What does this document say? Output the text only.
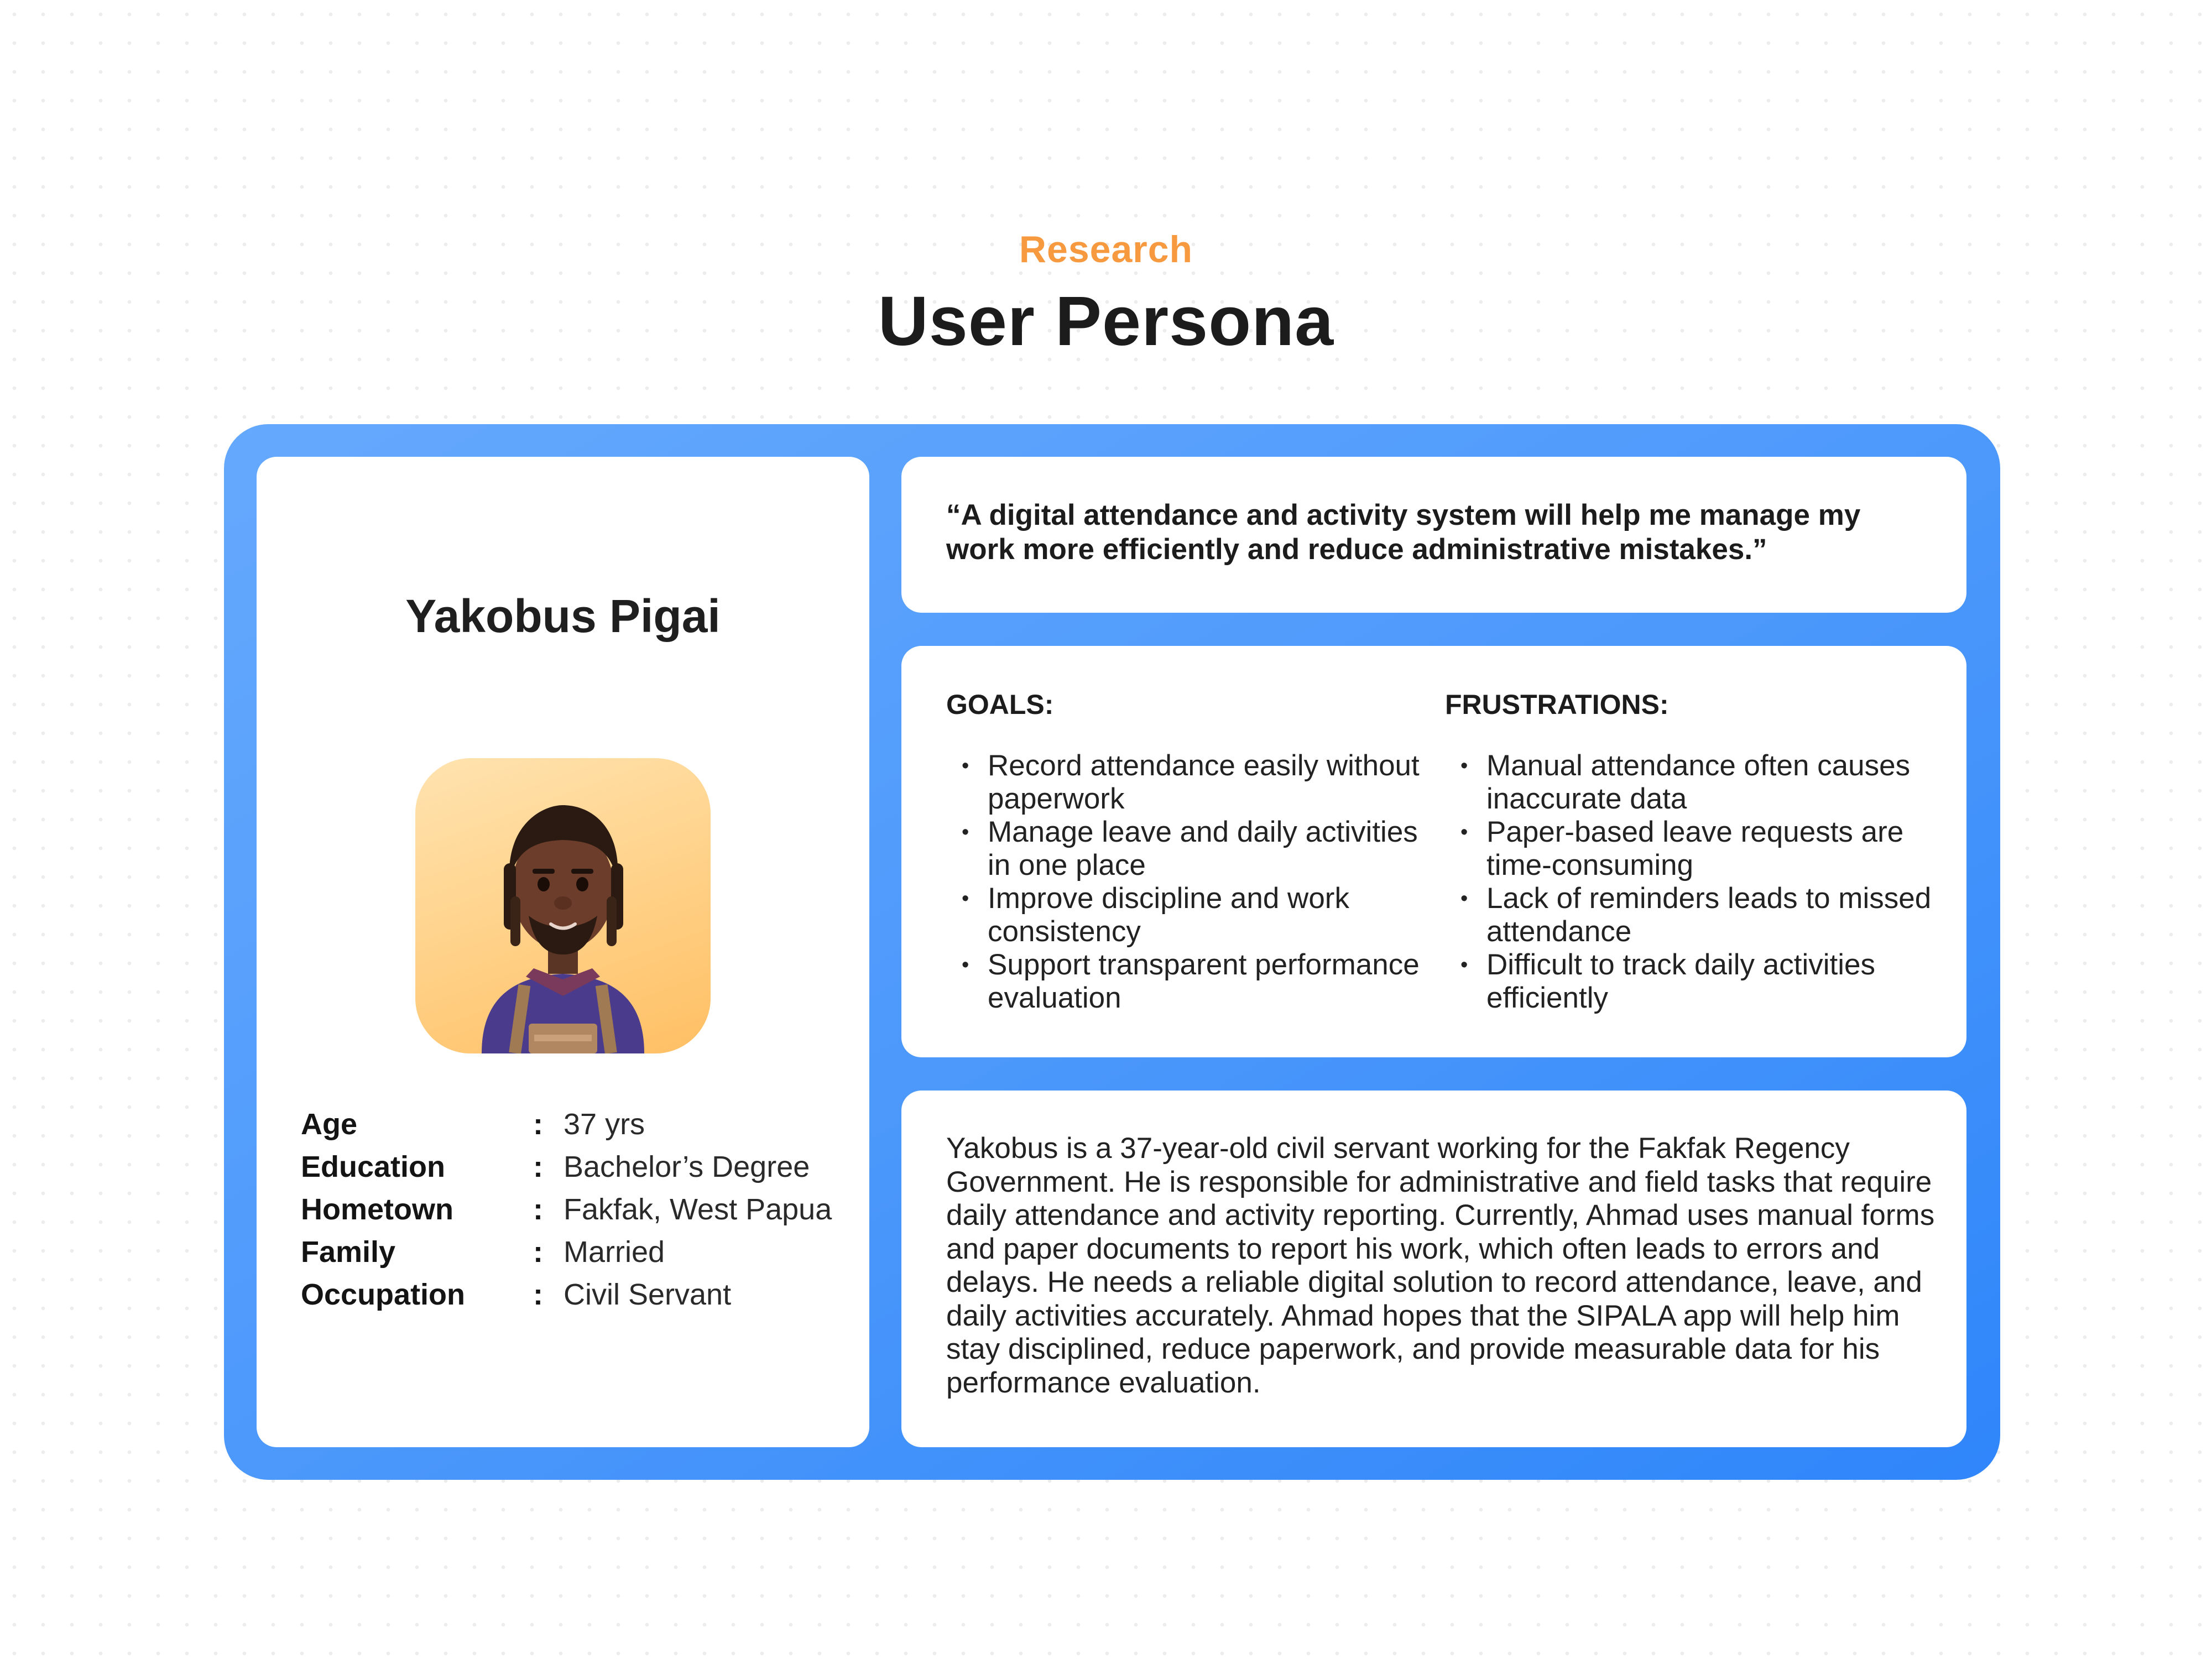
Research
User Persona
Yakobus Pigai
Age	: 37 yrs
Education	: Bachelor’s Degree
Hometown	: Fakfak, West Papua
Family	: Married
Occupation	: Civil Servant
“A digital attendance and activity system will help me manage my work more efficiently and reduce administrative mistakes.”
GOALS:
• Record attendance easily without paperwork
• Manage leave and daily activities in one place
• Improve discipline and work consistency
• Support transparent performance evaluation
FRUSTRATIONS:
• Manual attendance often causes inaccurate data
• Paper-based leave requests are time-consuming
• Lack of reminders leads to missed attendance
• Difficult to track daily activities efficiently
Yakobus is a 37-year-old civil servant working for the Fakfak Regency Government. He is responsible for administrative and field tasks that require daily attendance and activity reporting. Currently, Ahmad uses manual forms and paper documents to report his work, which often leads to errors and delays. He needs a reliable digital solution to record attendance, leave, and daily activities accurately. Ahmad hopes that the SIPALA app will help him stay disciplined, reduce paperwork, and provide measurable data for his performance evaluation.
